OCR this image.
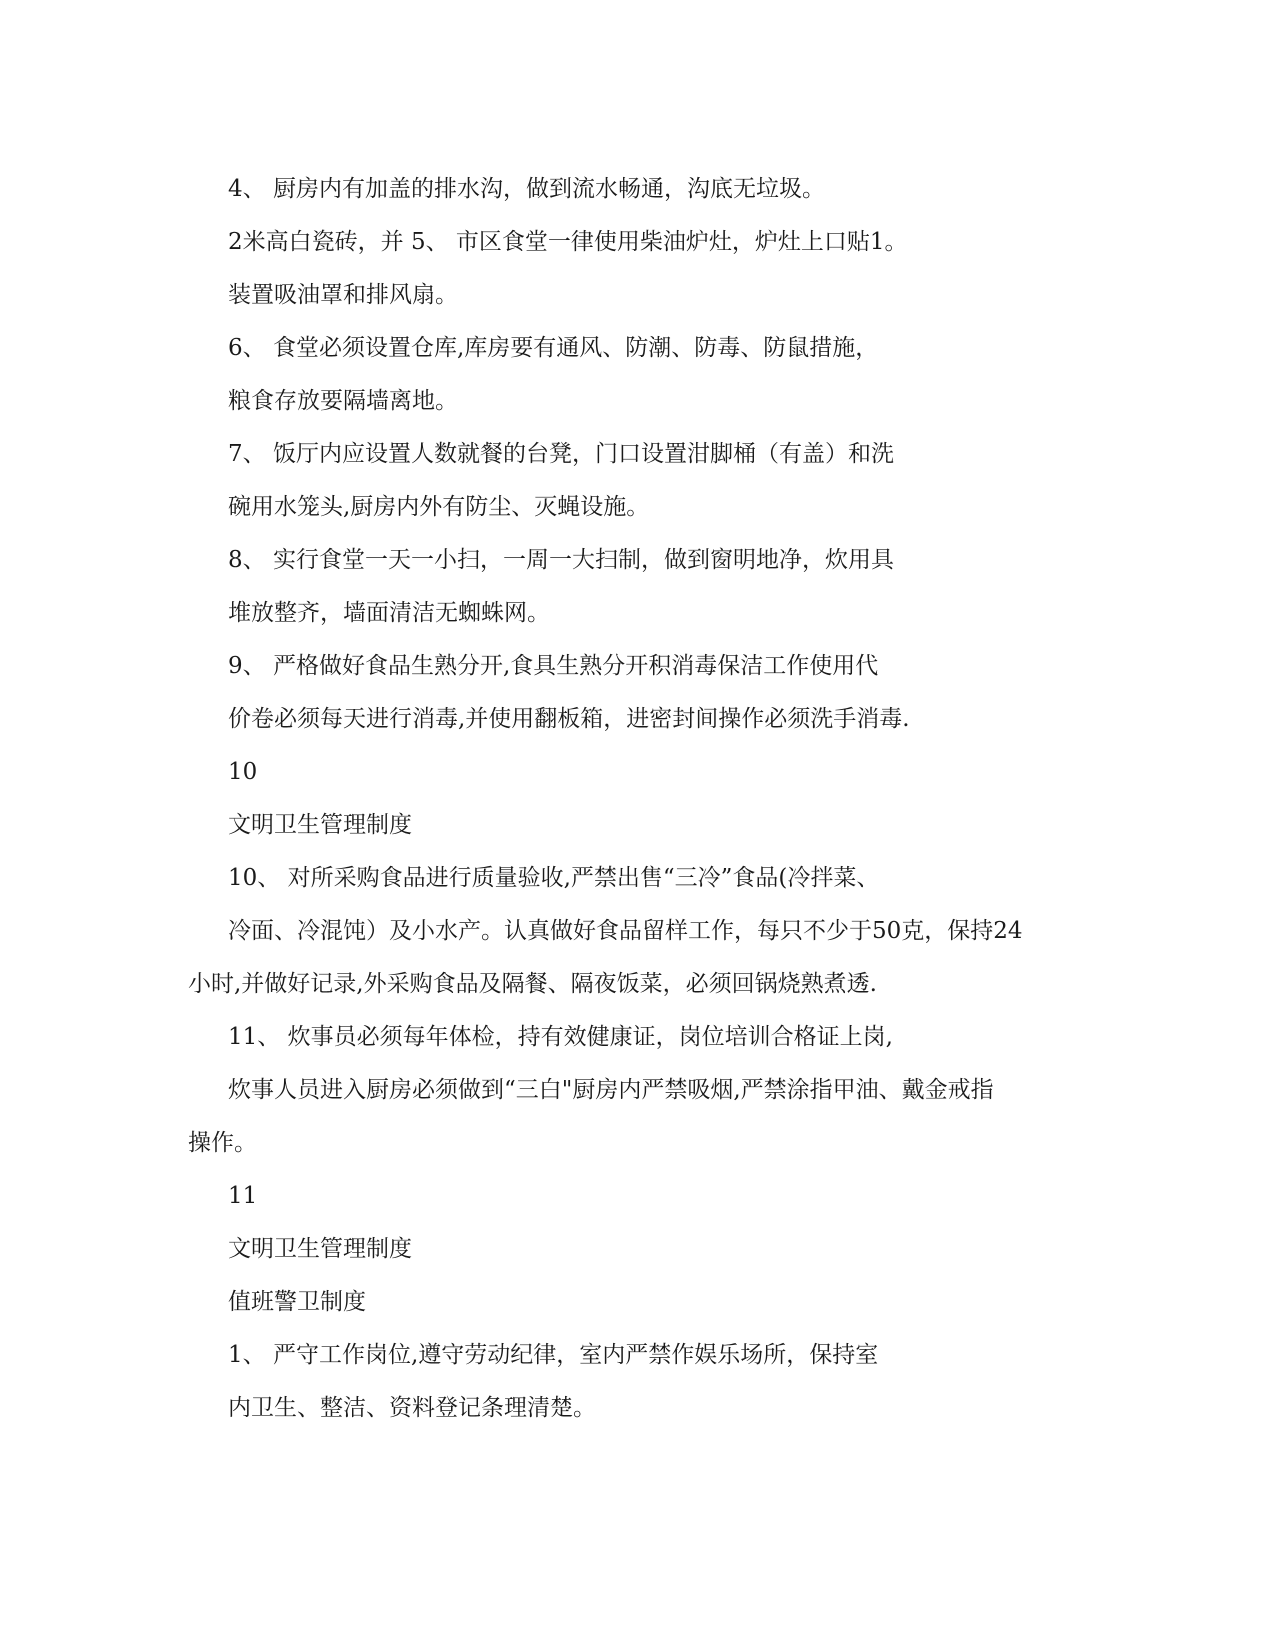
4、 厨房内有加盖的排水沟，做到流水畅通，沟底无垃圾。
2米高白瓷砖，并 5、 市区食堂一律使用柴油炉灶，炉灶上口贴1。
装置吸油罩和排风扇。
6、 食堂必须设置仓库,库房要有通风、防潮、防毒、防鼠措施，
粮食存放要隔墙离地。
7、 饭厅内应设置人数就餐的台凳，门口设置泔脚桶（有盖）和洗
碗用水笼头,厨房内外有防尘、灭蝇设施。
8、 实行食堂一天一小扫，一周一大扫制，做到窗明地净，炊用具
堆放整齐，墙面清洁无蜘蛛网。
9、 严格做好食品生熟分开,食具生熟分开积消毒保洁工作使用代
价卷必须每天进行消毒,并使用翻板箱，进密封间操作必须洗手消毒.
10
文明卫生管理制度
10、 对所采购食品进行质量验收,严禁出售“三冷”食品(冷拌菜、
冷面、冷混饨）及小水产。认真做好食品留样工作，每只不少于50克，保持24
小时,并做好记录,外采购食品及隔餐、隔夜饭菜，必须回锅烧熟煮透.
11、 炊事员必须每年体检，持有效健康证，岗位培训合格证上岗,
炊事人员进入厨房必须做到“三白"厨房内严禁吸烟,严禁涂指甲油、戴金戒指
操作。
11
文明卫生管理制度
值班警卫制度
1、 严守工作岗位,遵守劳动纪律，室内严禁作娱乐场所，保持室
内卫生、整洁、资料登记条理清楚。
